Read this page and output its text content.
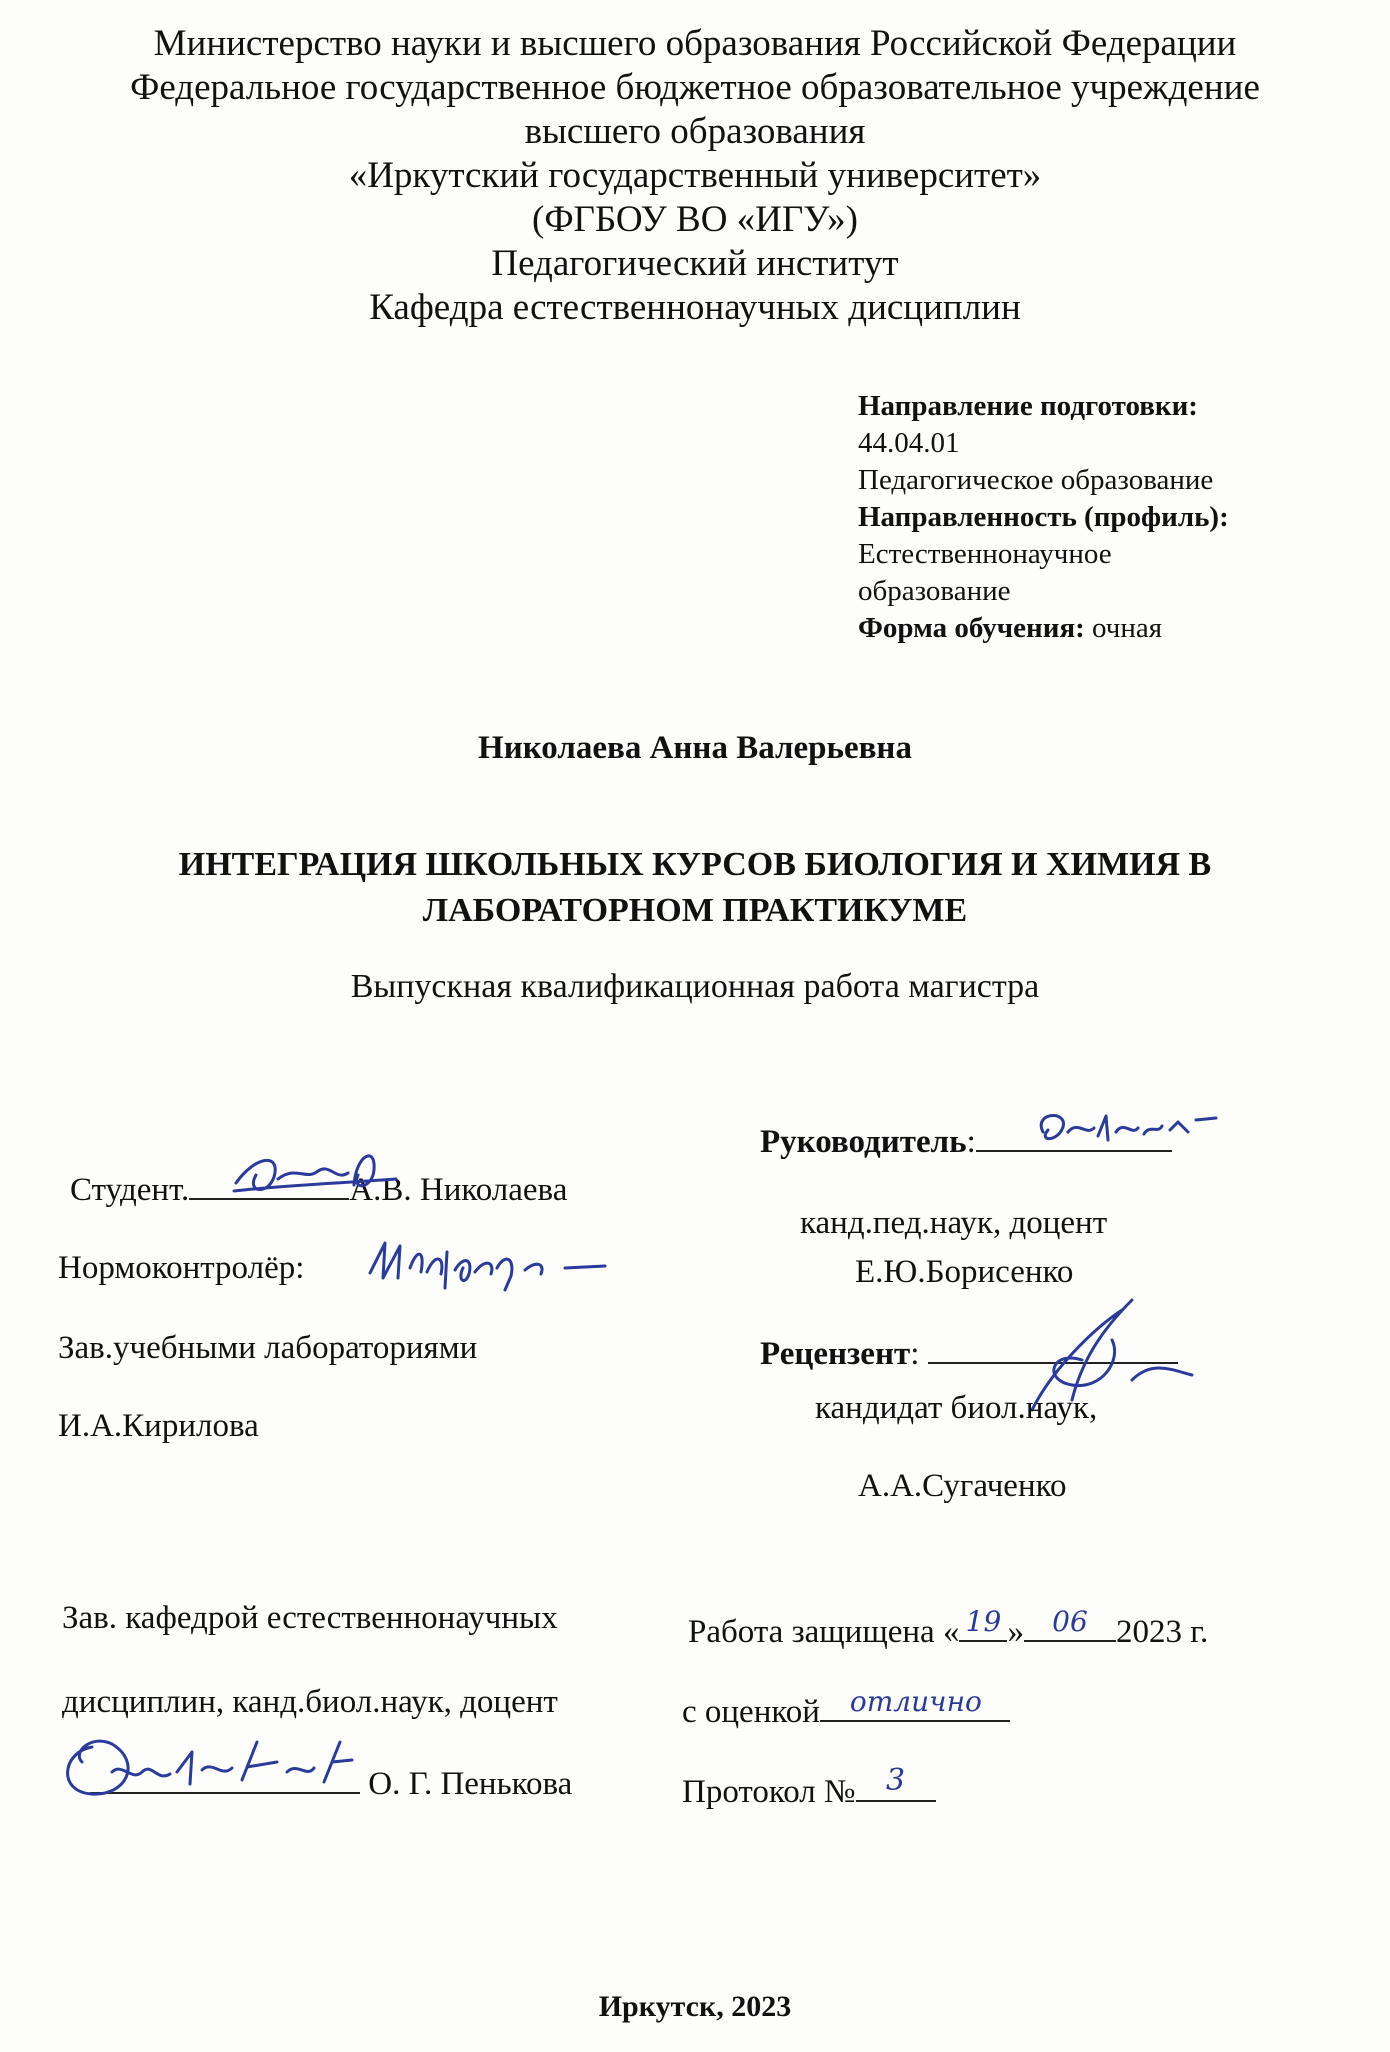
Министерство науки и высшего образования Российской Федерации
Федеральное государственное бюджетное образовательное учреждение
высшего образования
«Иркутский государственный университет»
(ФГБОУ ВО «ИГУ»)
Педагогический институт
Кафедра естественнонаучных дисциплин
Направление подготовки:
44.04.01
Педагогическое образование
Направленность (профиль):
Естественнонаучное
образование
Форма обучения: очная
Николаева Анна Валерьевна
ИНТЕГРАЦИЯ ШКОЛЬНЫХ КУРСОВ БИОЛОГИЯ И ХИМИЯ В
ЛАБОРАТОРНОМ ПРАКТИКУМЕ
Выпускная квалификационная работа магистра
Студент.	А.В. Николаева
Нормоконтролёр:
Зав.учебными лабораториями
И.А.Кирилова
Зав. кафедрой естественнонаучных
дисциплин, канд.биол.наук, доцент
О. Г. Пенькова
Руководитель:
канд.пед.наук, доцент
Е.Ю.Борисенко
Рецензент:
кандидат биол.наук,
А.А.Сугаченко
Работа защищена « 19 »	06 2023 г.
с оценкой отлично
Протокол №	3
Иркутск, 2023
